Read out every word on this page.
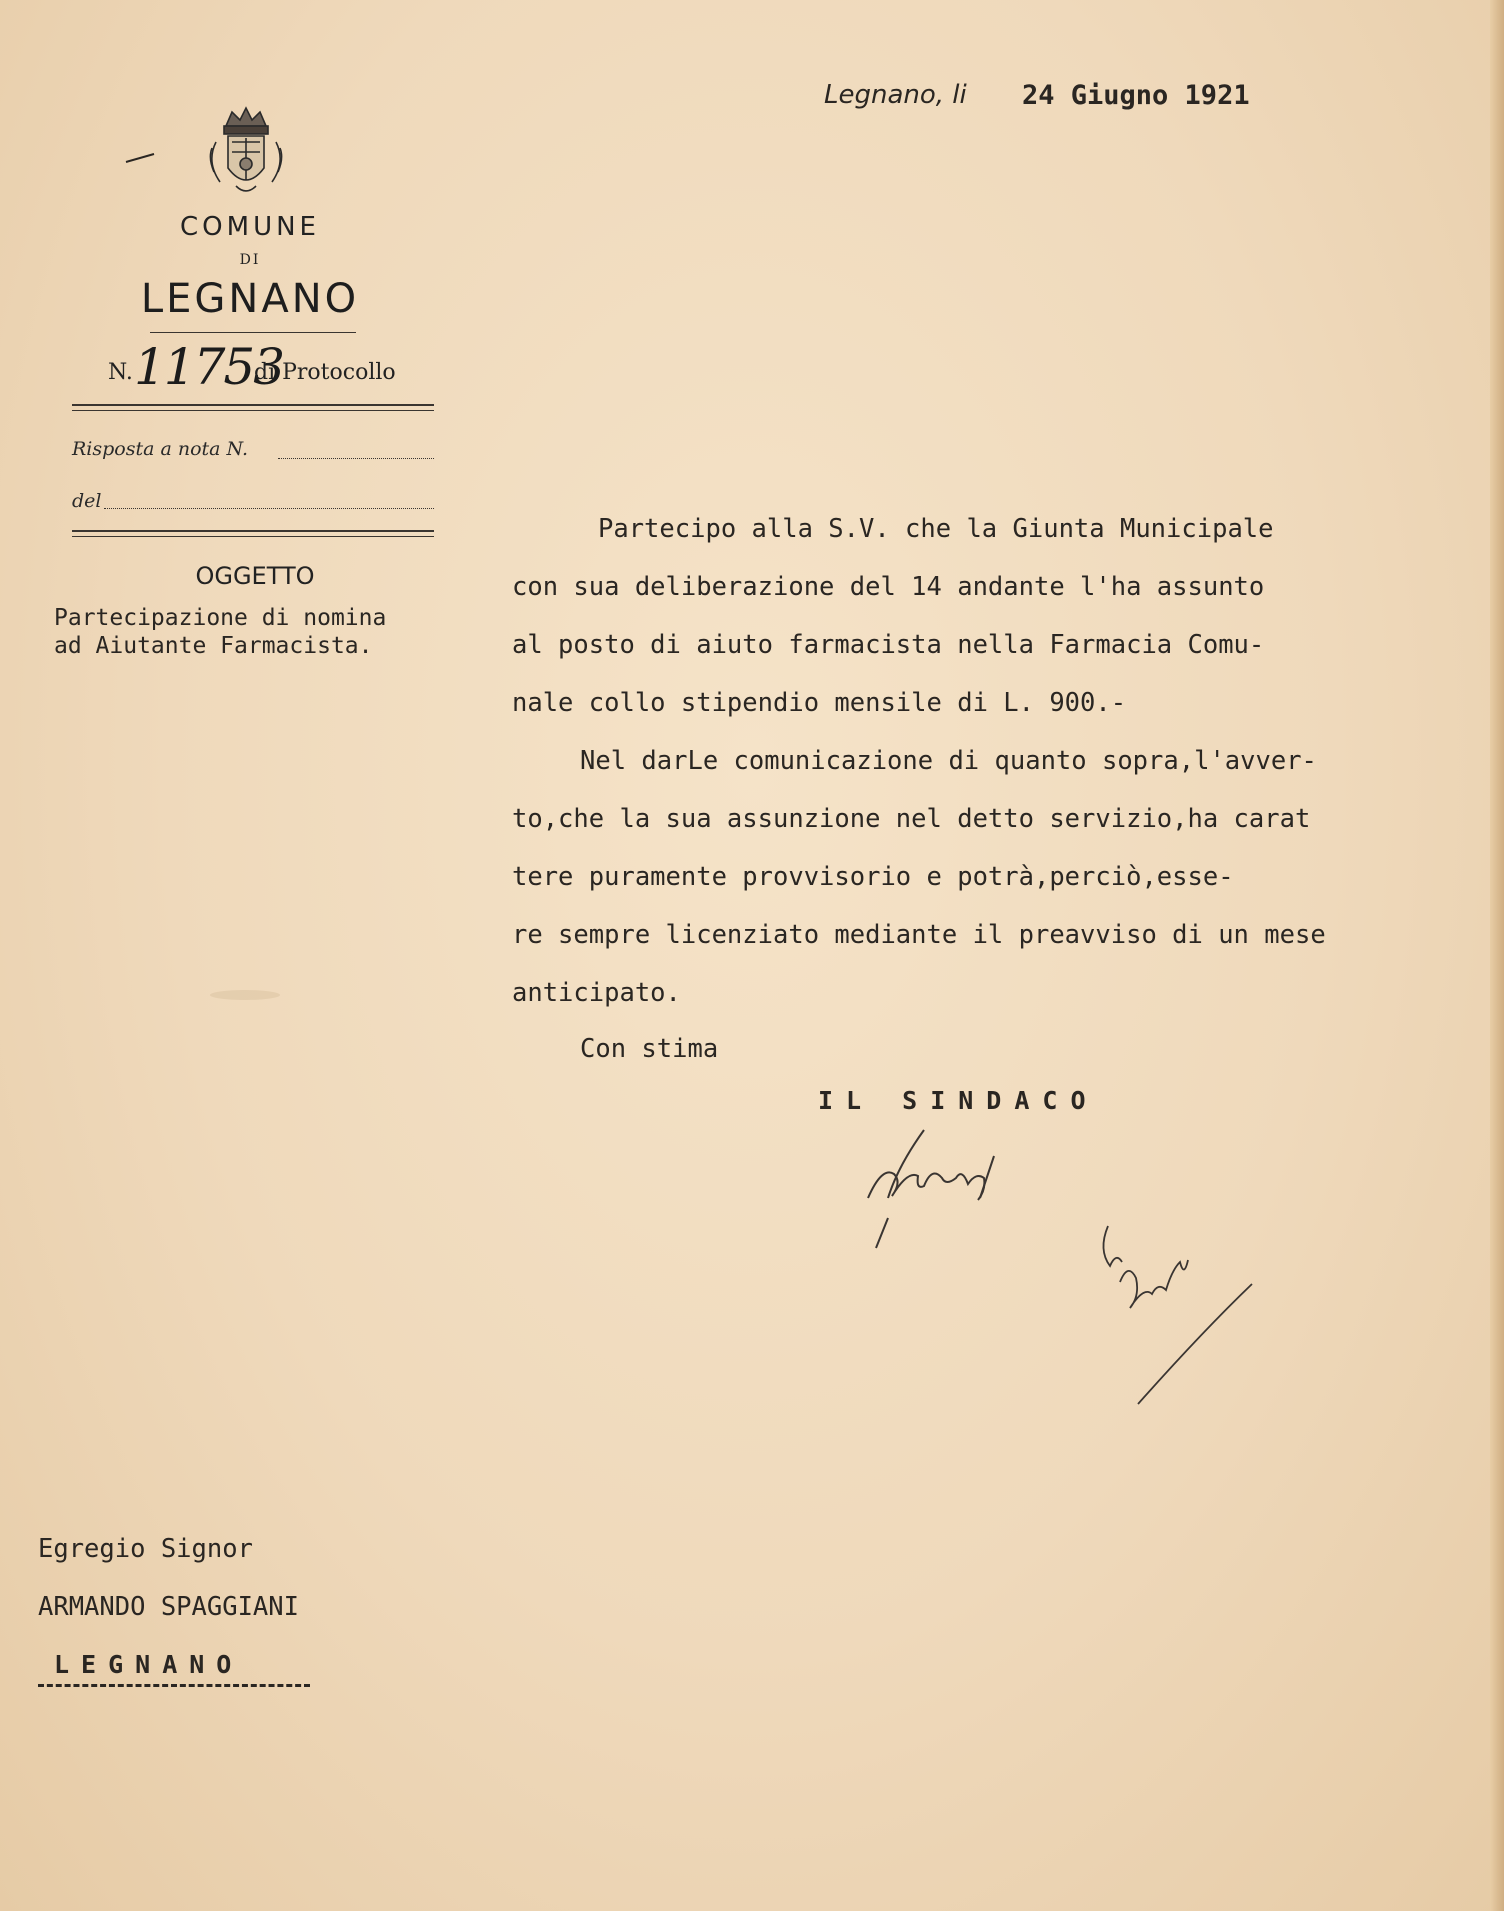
COMUNE
DI
LEGNANO
N. 11753
di Protocollo
Risposta a nota N.
del
OGGETTO
Partecipazione di nomina
ad Aiutante Farmacista.
Legnano, li 24 Giugno 1921
Partecipo alla S.V. che la Giunta Municipale
con sua deliberazione del 14 andante l'ha assunto
al posto di aiuto farmacista nella Farmacia Comu-
nale collo stipendio mensile di L. 900.-
Nel darLe comunicazione di quanto sopra,l'avver-
to,che la sua assunzione nel detto servizio,ha carat
tere puramente provvisorio e potrà,perciò,esse-
re sempre licenziato mediante il preavviso di un mese
anticipato.
Con stima
IL SINDACO
Egregio Signor
ARMANDO SPAGGIANI
LEGNANO
